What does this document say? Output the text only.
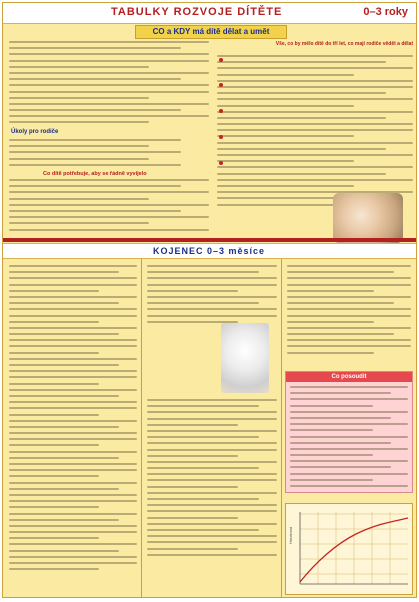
TABULKY ROZVOJE DÍTĚTE	0–3 roky
CO a KDY má dítě dělat a umět
Úkoly pro rodiče
Co dítě potřebuje, aby se řádně vyvíjelo
Vše, co by mělo dítě do tří let, co mají rodiče vědět a dělat
KOJENEC 0–3 měsíce
Co posoudit
Hmotnost
